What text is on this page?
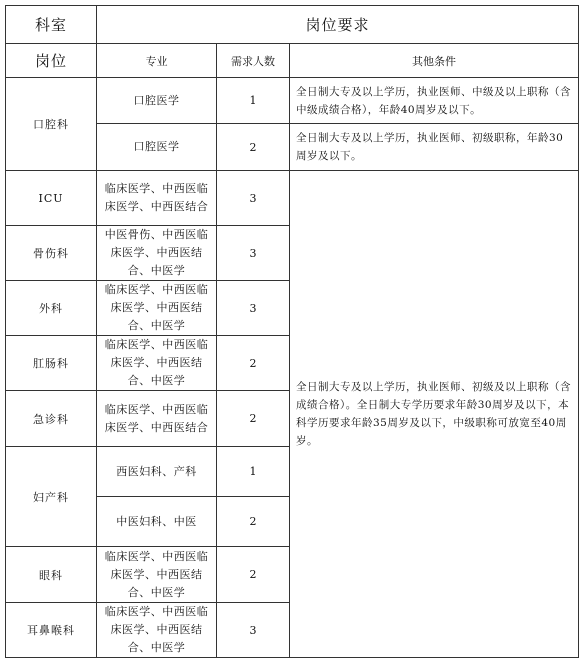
科室	岗位要求		
岗位	专业	需求人数	其他条件
口腔科	口腔医学	1	全日制大专及以上学历，执业医师、中级及以上职称（含中级成绩合格），年龄40周岁及以下。
	口腔医学	2	全日制大专及以上学历，执业医师、初级职称，年龄30周岁及以下。
ICU	临床医学、中西医临床医学、中西医结合	3	全日制大专及以上学历，执业医师、初级及以上职称（含成绩合格）。全日制大专学历要求年龄30周岁及以下，本科学历要求年龄35周岁及以下，中级职称可放宽至40周岁。
骨伤科	中医骨伤、中西医临床医学、中西医结合、中医学	3	
外科	临床医学、中西医临床医学、中西医结合、中医学	3	
肛肠科	临床医学、中西医临床医学、中西医结合、中医学	2	
急诊科	临床医学、中西医临床医学、中西医结合	2	
妇产科	西医妇科、产科	1	
	中医妇科、中医	2	
眼科	临床医学、中西医临床医学、中西医结合、中医学	2	
耳鼻喉科	临床医学、中西医临床医学、中西医结合、中医学	3	
